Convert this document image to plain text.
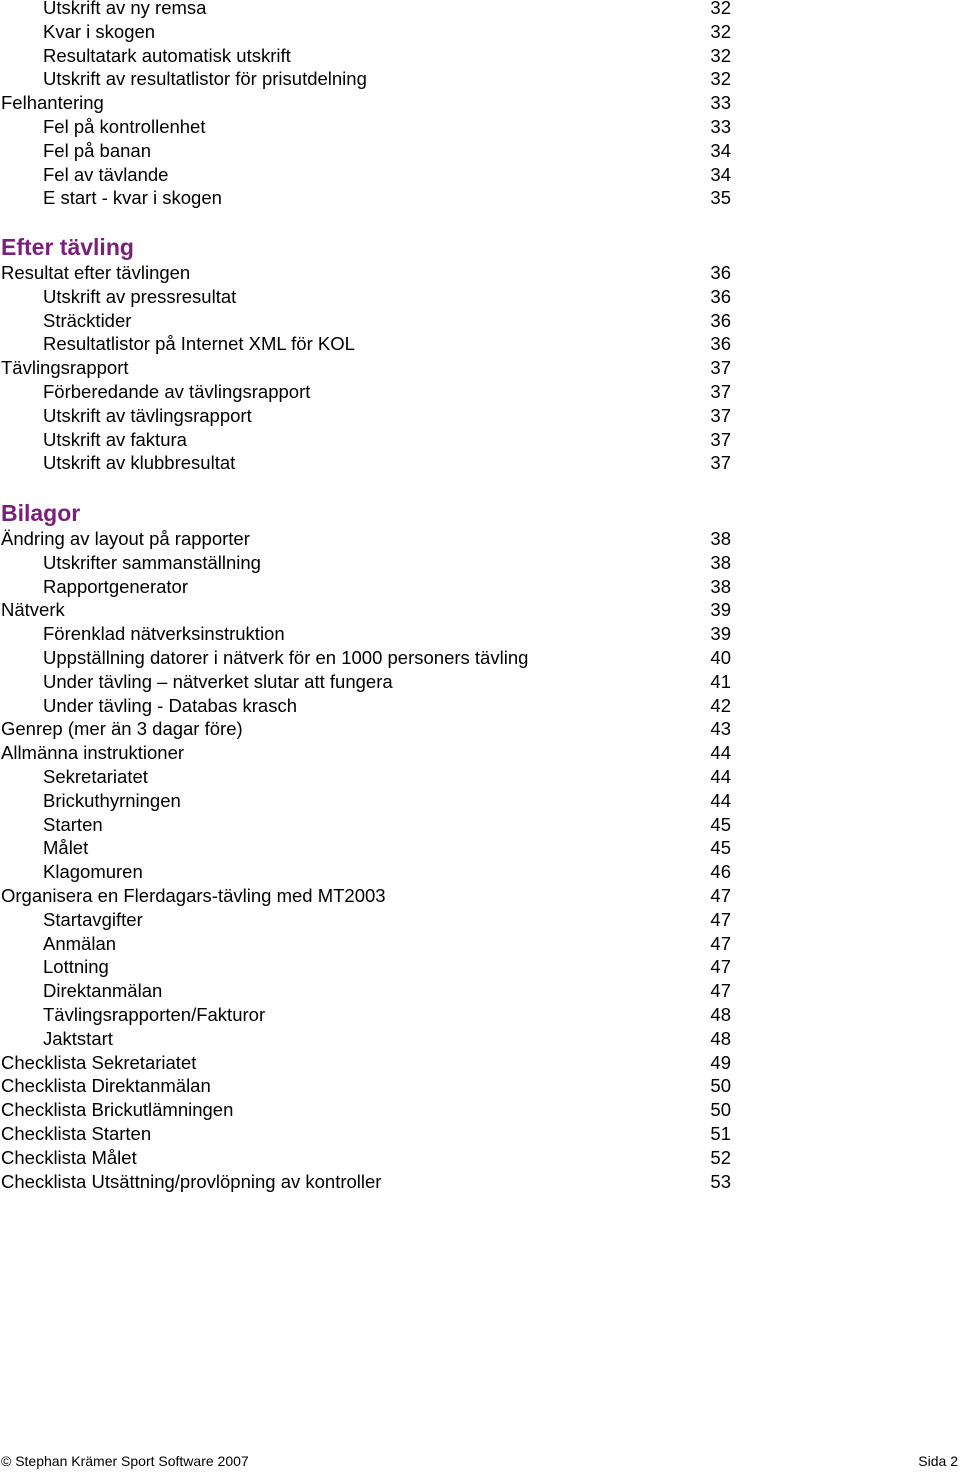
Utskrift av ny remsa	32
Kvar i skogen	32
Resultatark automatisk utskrift	32
Utskrift av resultatlistor för prisutdelning	32
Felhantering	33
Fel på kontrollenhet	33
Fel på banan	34
Fel av tävlande	34
E start - kvar i skogen	35
Efter tävling
Resultat efter tävlingen	36
Utskrift av pressresultat	36
Sträcktider	36
Resultatlistor på Internet XML för KOL	36
Tävlingsrapport	37
Förberedande av tävlingsrapport	37
Utskrift av tävlingsrapport	37
Utskrift av faktura	37
Utskrift av klubbresultat	37
Bilagor
Ändring av layout på rapporter	38
Utskrifter sammanställning	38
Rapportgenerator	38
Nätverk	39
Förenklad nätverksinstruktion	39
Uppställning datorer i nätverk för en 1000 personers tävling	40
Under tävling – nätverket slutar att fungera	41
Under tävling - Databas krasch	42
Genrep (mer än 3 dagar före)	43
Allmänna instruktioner	44
Sekretariatet	44
Brickuthyrningen	44
Starten	45
Målet	45
Klagomuren	46
Organisera en Flerdagars-tävling med MT2003	47
Startavgifter	47
Anmälan	47
Lottning	47
Direktanmälan	47
Tävlingsrapporten/Fakturor	48
Jaktstart	48
Checklista Sekretariatet	49
Checklista Direktanmälan	50
Checklista Brickutlämningen	50
Checklista Starten	51
Checklista Målet	52
Checklista Utsättning/provlöpning av kontroller	53
© Stephan Krämer Sport Software 2007	Sida 2
